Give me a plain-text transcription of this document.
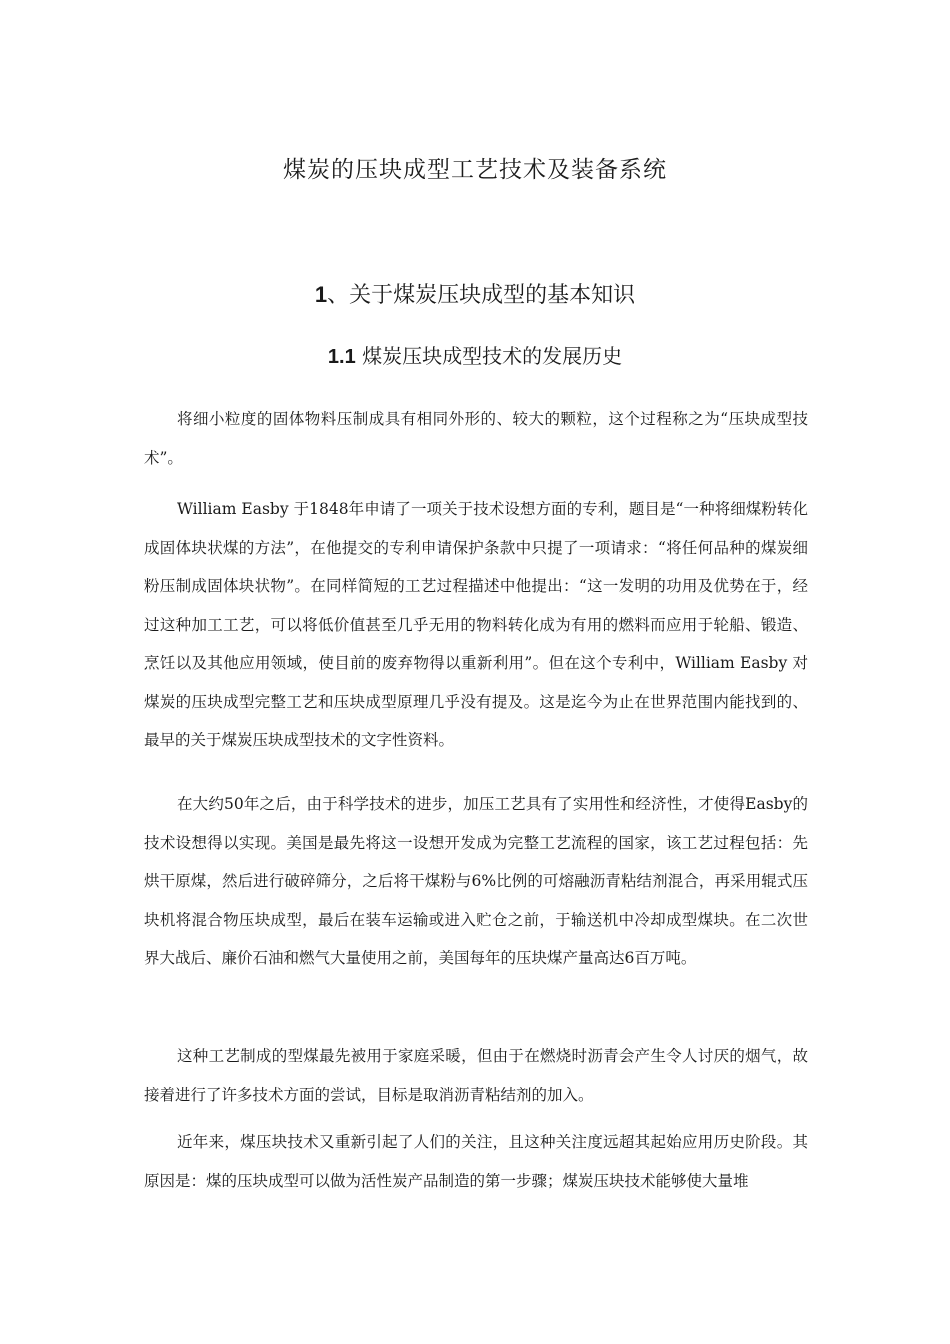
煤炭的压块成型工艺技术及装备系统
1、关于煤炭压块成型的基本知识
1.1 煤炭压块成型技术的发展历史

将细小粒度的固体物料压制成具有相同外形的、较大的颗粒，这个过程称之为“压块成型技术”。

William Easby 于1848年申请了一项关于技术设想方面的专利，题目是“一种将细煤粉转化成固体块状煤的方法”，在他提交的专利申请保护条款中只提了一项请求：“将任何品种的煤炭细粉压制成固体块状物”。在同样简短的工艺过程描述中他提出：“这一发明的功用及优势在于，经过这种加工工艺，可以将低价值甚至几乎无用的物料转化成为有用的燃料而应用于轮船、锻造、烹饪以及其他应用领域，使目前的废弃物得以重新利用”。但在这个专利中，William Easby 对煤炭的压块成型完整工艺和压块成型原理几乎没有提及。这是迄今为止在世界范围内能找到的、最早的关于煤炭压块成型技术的文字性资料。

在大约50年之后，由于科学技术的进步，加压工艺具有了实用性和经济性，才使得Easby的技术设想得以实现。美国是最先将这一设想开发成为完整工艺流程的国家，该工艺过程包括：先烘干原煤，然后进行破碎筛分，之后将干煤粉与6%比例的可熔融沥青粘结剂混合，再采用辊式压块机将混合物压块成型，最后在装车运输或进入贮仓之前，于输送机中冷却成型煤块。在二次世界大战后、廉价石油和燃气大量使用之前，美国每年的压块煤产量高达6百万吨。

这种工艺制成的型煤最先被用于家庭采暖，但由于在燃烧时沥青会产生令人讨厌的烟气，故接着进行了许多技术方面的尝试，目标是取消沥青粘结剂的加入。

近年来，煤压块技术又重新引起了人们的关注，且这种关注度远超其起始应用历史阶段。其原因是：煤的压块成型可以做为活性炭产品制造的第一步骤；煤炭压块技术能够使大量堆
